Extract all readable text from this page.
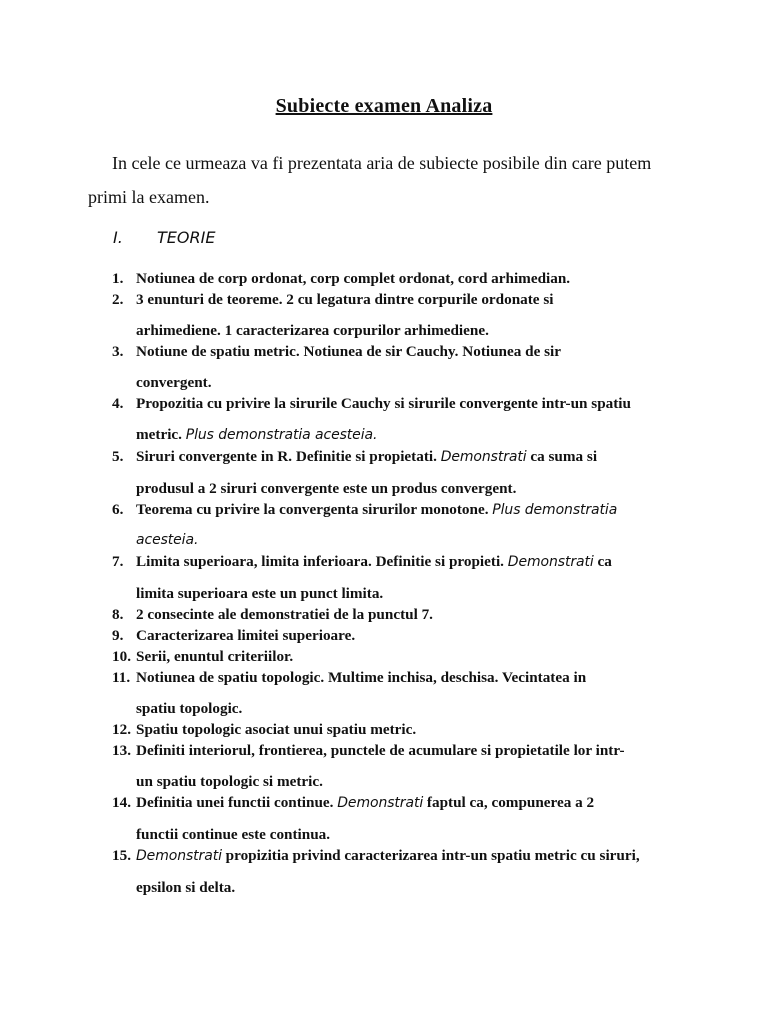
Subiecte examen Analiza
In cele ce urmeaza va fi prezentata aria de subiecte posibile din care putem primi la examen.
I. TEORIE
1. Notiunea de corp ordonat, corp complet ordonat, cord arhimedian.
2. 3 enunturi de teoreme. 2 cu legatura dintre corpurile ordonate si
arhimediene. 1 caracterizarea corpurilor arhimediene.
3. Notiune de spatiu metric. Notiunea de sir Cauchy. Notiunea de sir
convergent.
4. Propozitia cu privire la sirurile Cauchy si sirurile convergente intr-un spatiu
metric. Plus demonstratia acesteia.
5. Siruri convergente in R. Definitie si propietati. Demonstrati ca suma si
produsul a 2 siruri convergente este un produs convergent.
6. Teorema cu privire la convergenta sirurilor monotone. Plus demonstratia
acesteia.
7. Limita superioara, limita inferioara. Definitie si propieti. Demonstrati ca
limita superioara este un punct limita.
8. 2 consecinte ale demonstratiei de la punctul 7.
9. Caracterizarea limitei superioare.
10. Serii, enuntul criteriilor.
11. Notiunea de spatiu topologic. Multime inchisa, deschisa. Vecintatea in
spatiu topologic.
12. Spatiu topologic asociat unui spatiu metric.
13. Definiti interiorul, frontierea, punctele de acumulare si propietatile lor intr-
un spatiu topologic si metric.
14. Definitia unei functii continue. Demonstrati faptul ca, compunerea a 2
functii continue este continua.
15. Demonstrati propizitia privind caracterizarea intr-un spatiu metric cu siruri,
epsilon si delta.
